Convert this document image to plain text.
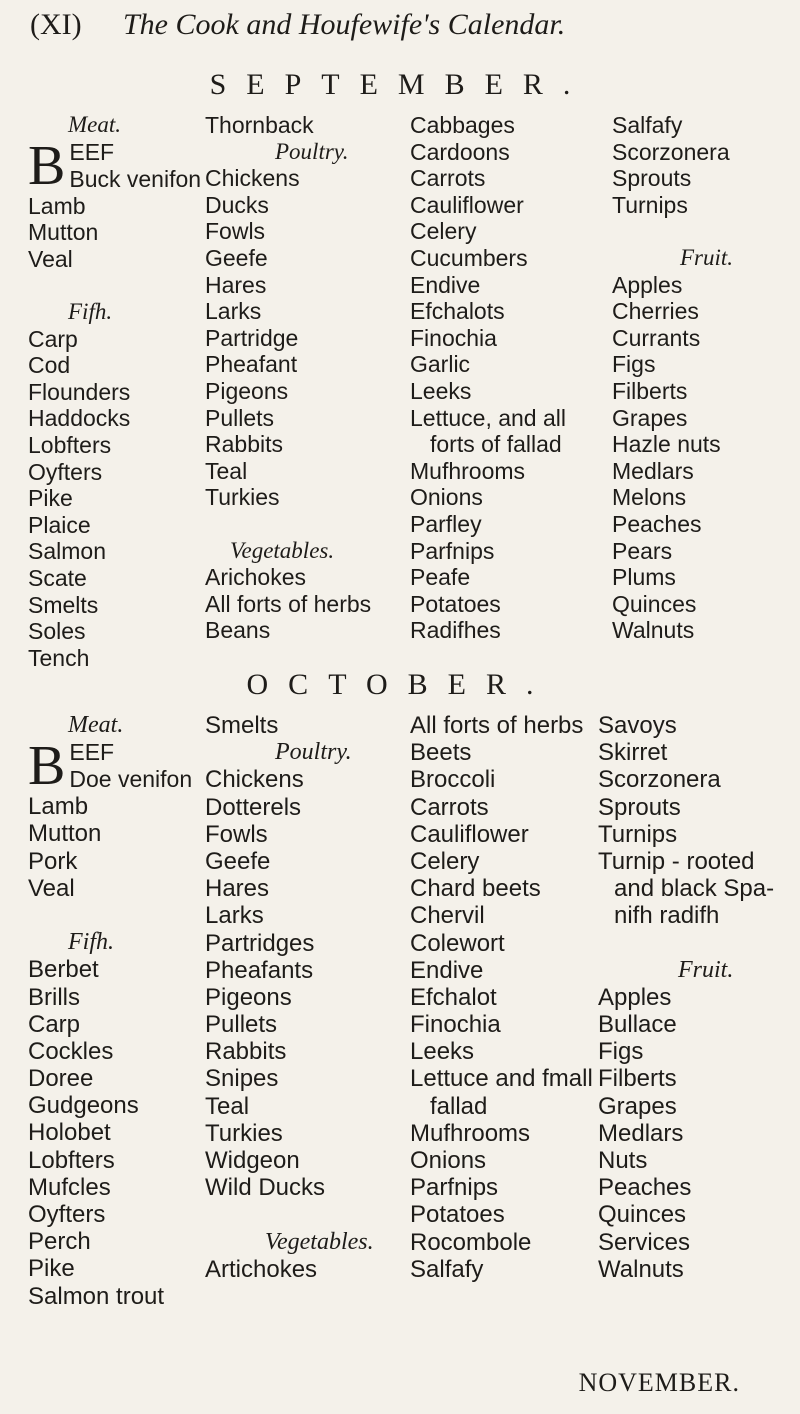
(XI) The Cook and Houfewife's Calendar.
SEPTEMBER.
Meat.
B EEF
Buck venifon
Lamb
Mutton
Veal
Fifh.
Carp
Cod
Flounders
Haddocks
Lobfters
Oyfters
Pike
Plaice
Salmon
Scate
Smelts
Soles
Tench
Thornback
Poultry.
Chickens
Ducks
Fowls
Geefe
Hares
Larks
Partridge
Pheafant
Pigeons
Pullets
Rabbits
Teal
Turkies
Vegetables.
Arichokes
All forts of herbs
Beans
Cabbages
Cardoons
Carrots
Cauliflower
Celery
Cucumbers
Endive
Efchalots
Finochia
Garlic
Leeks
Lettuce, and all
forts of fallad
Mufhrooms
Onions
Parfley
Parfnips
Peafe
Potatoes
Radifhes
Salfafy
Scorzonera
Sprouts
Turnips
Fruit.
Apples
Cherries
Currants
Figs
Filberts
Grapes
Hazle nuts
Medlars
Melons
Peaches
Pears
Plums
Quinces
Walnuts
OCTOBER.
Meat.
B EEF
Doe venifon
Lamb
Mutton
Pork
Veal
Fifh.
Berbet
Brills
Carp
Cockles
Doree
Gudgeons
Holobet
Lobfters
Mufcles
Oyfters
Perch
Pike
Salmon trout
Smelts
Poultry.
Chickens
Dotterels
Fowls
Geefe
Hares
Larks
Partridges
Pheafants
Pigeons
Pullets
Rabbits
Snipes
Teal
Turkies
Widgeon
Wild Ducks
Vegetables.
Artichokes
All forts of herbs
Beets
Broccoli
Carrots
Cauliflower
Celery
Chard beets
Chervil
Colewort
Endive
Efchalot
Finochia
Leeks
Lettuce and fmall
fallad
Mufhrooms
Onions
Parfnips
Potatoes
Rocombole
Salfafy
Savoys
Skirret
Scorzonera
Sprouts
Turnips
Turnip - rooted
and black Spa-
nifh radifh
Fruit.
Apples
Bullace
Figs
Filberts
Grapes
Medlars
Nuts
Peaches
Quinces
Services
Walnuts
NOVEMBER.
